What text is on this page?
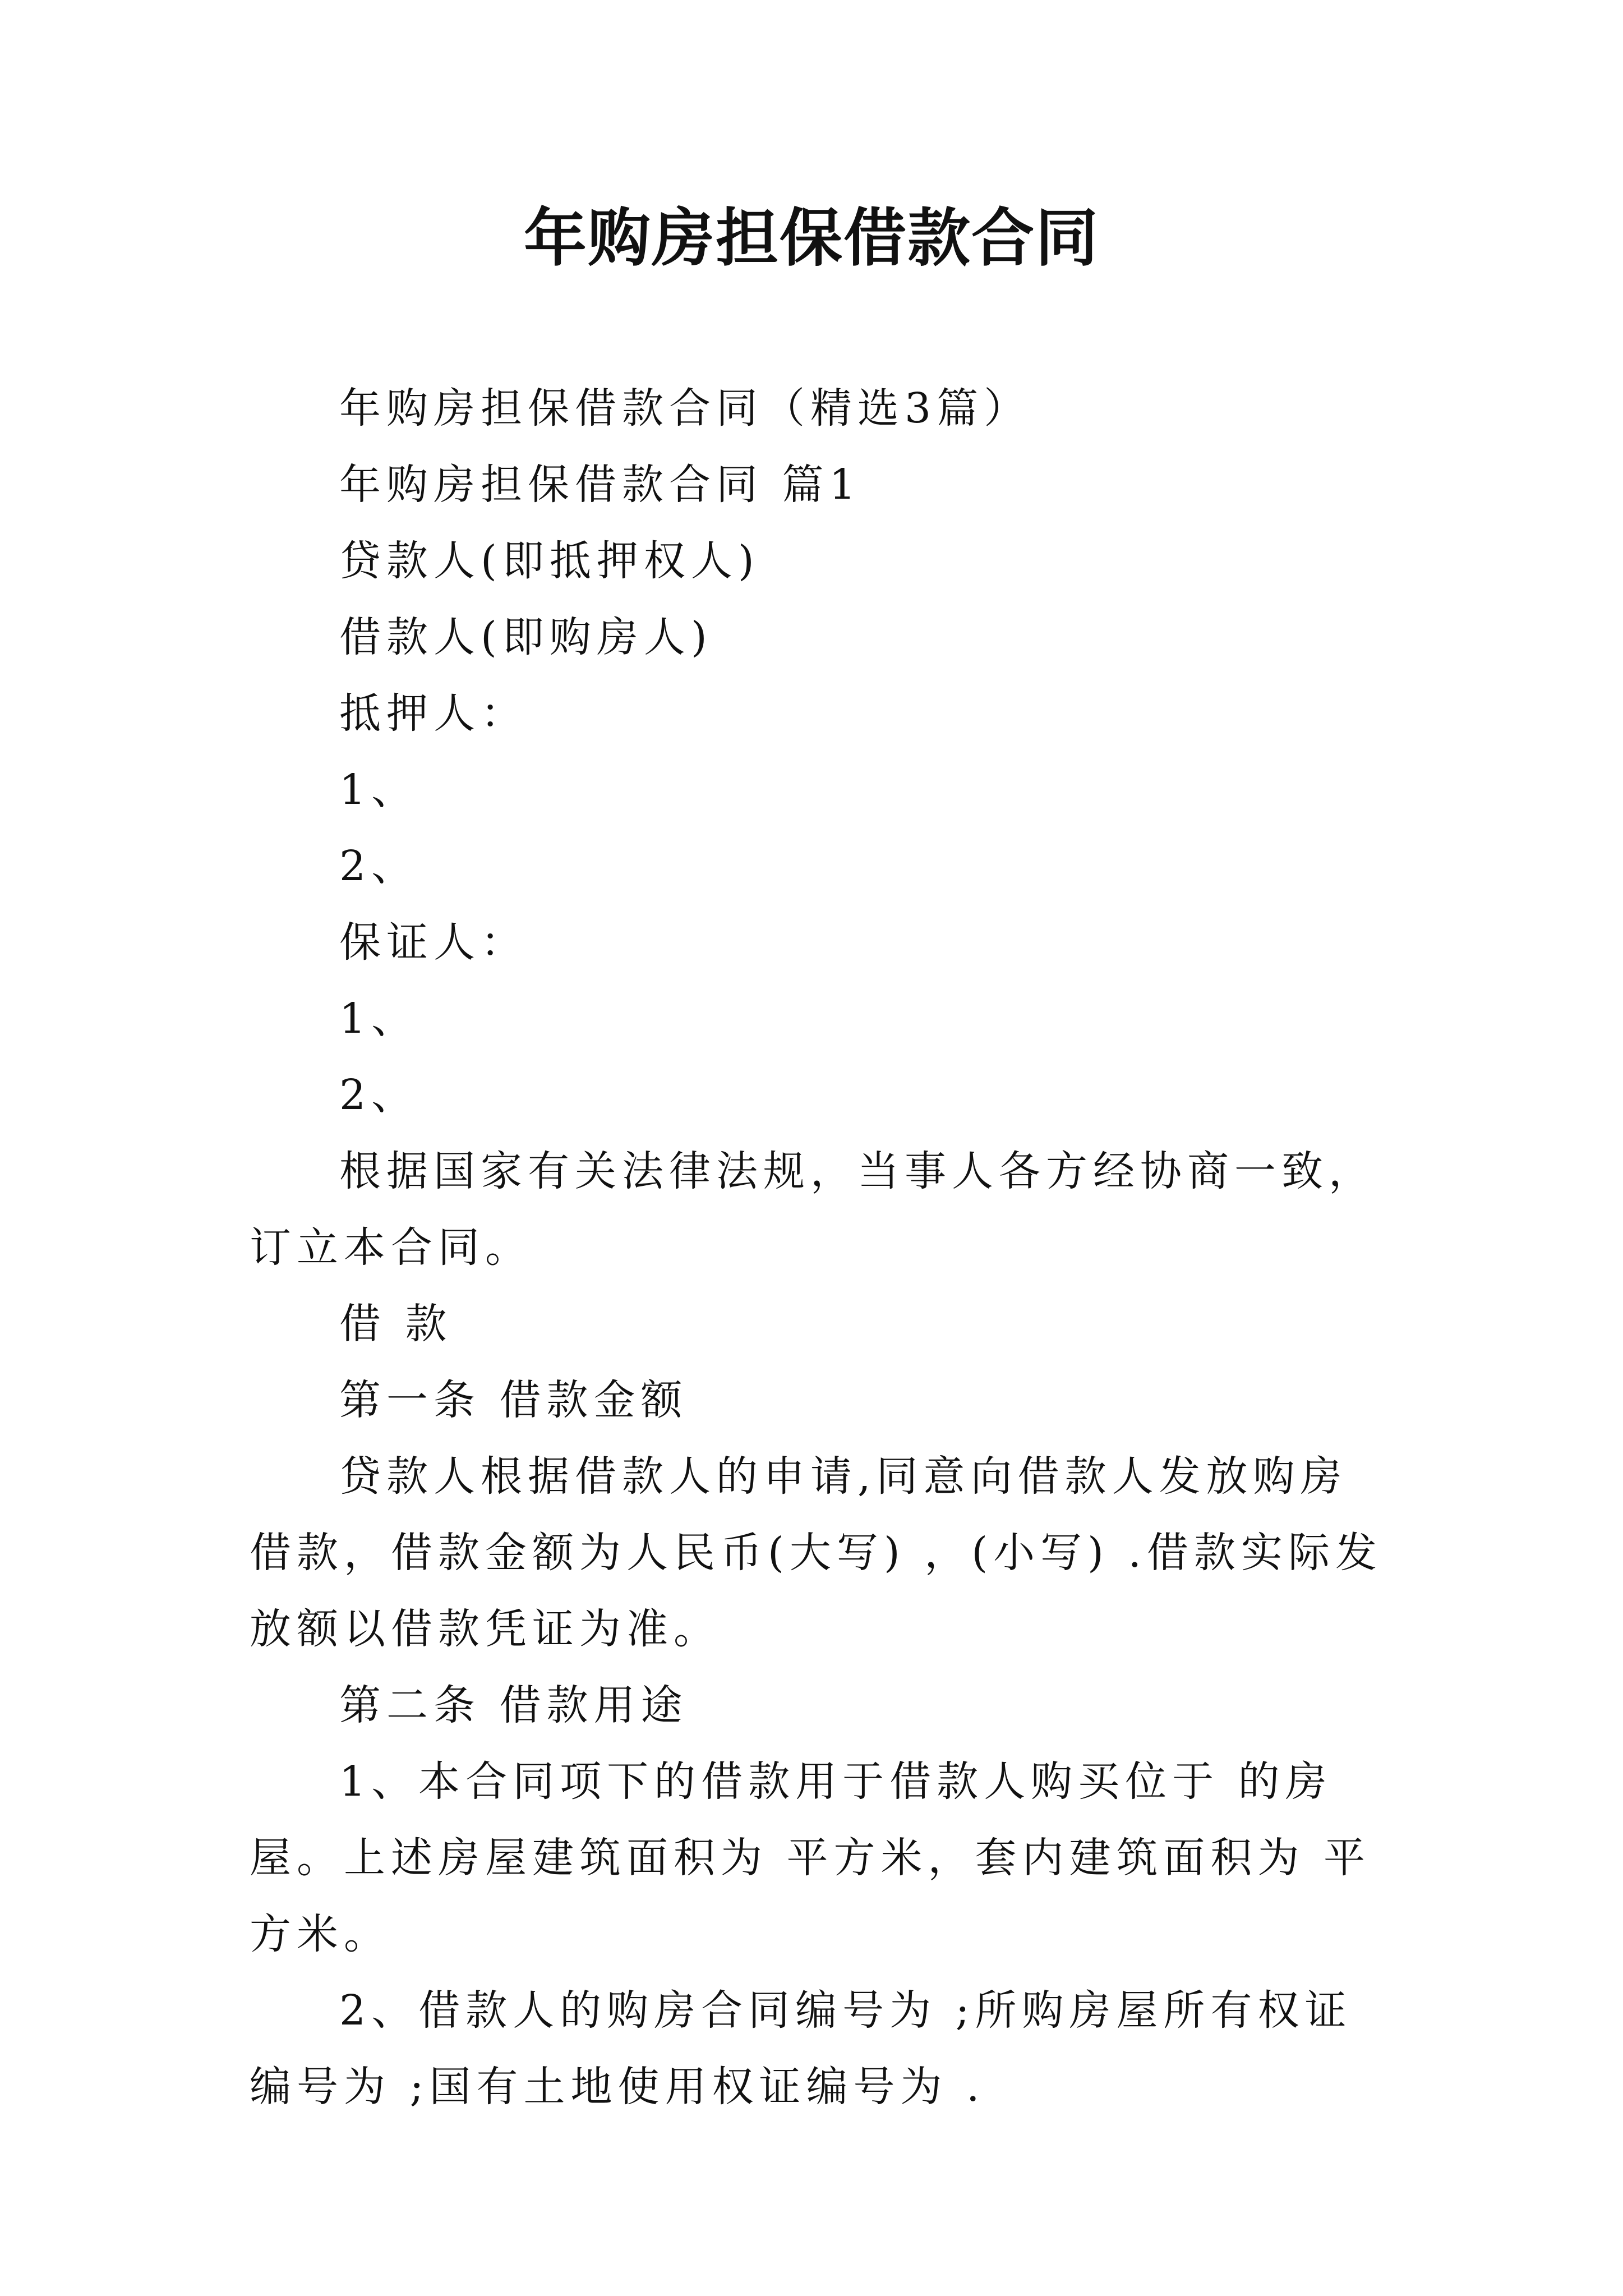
年购房担保借款合同

年购房担保借款合同（精选3篇）

年购房担保借款合同 篇1

贷款人(即抵押权人)

借款人(即购房人)

抵押人：

1、

2、

保证人：

1、

2、

根据国家有关法律法规，当事人各方经协商一致，订立本合同。

借 款

第一条 借款金额

贷款人根据借款人的申请,同意向借款人发放购房借款，借款金额为人民币(大写) ，(小写) .借款实际发放额以借款凭证为准。

第二条 借款用途

1、本合同项下的借款用于借款人购买位于 的房屋。上述房屋建筑面积为 平方米，套内建筑面积为 平方米。

2、借款人的购房合同编号为 ;所购房屋所有权证编号为 ;国有土地使用权证编号为 .
